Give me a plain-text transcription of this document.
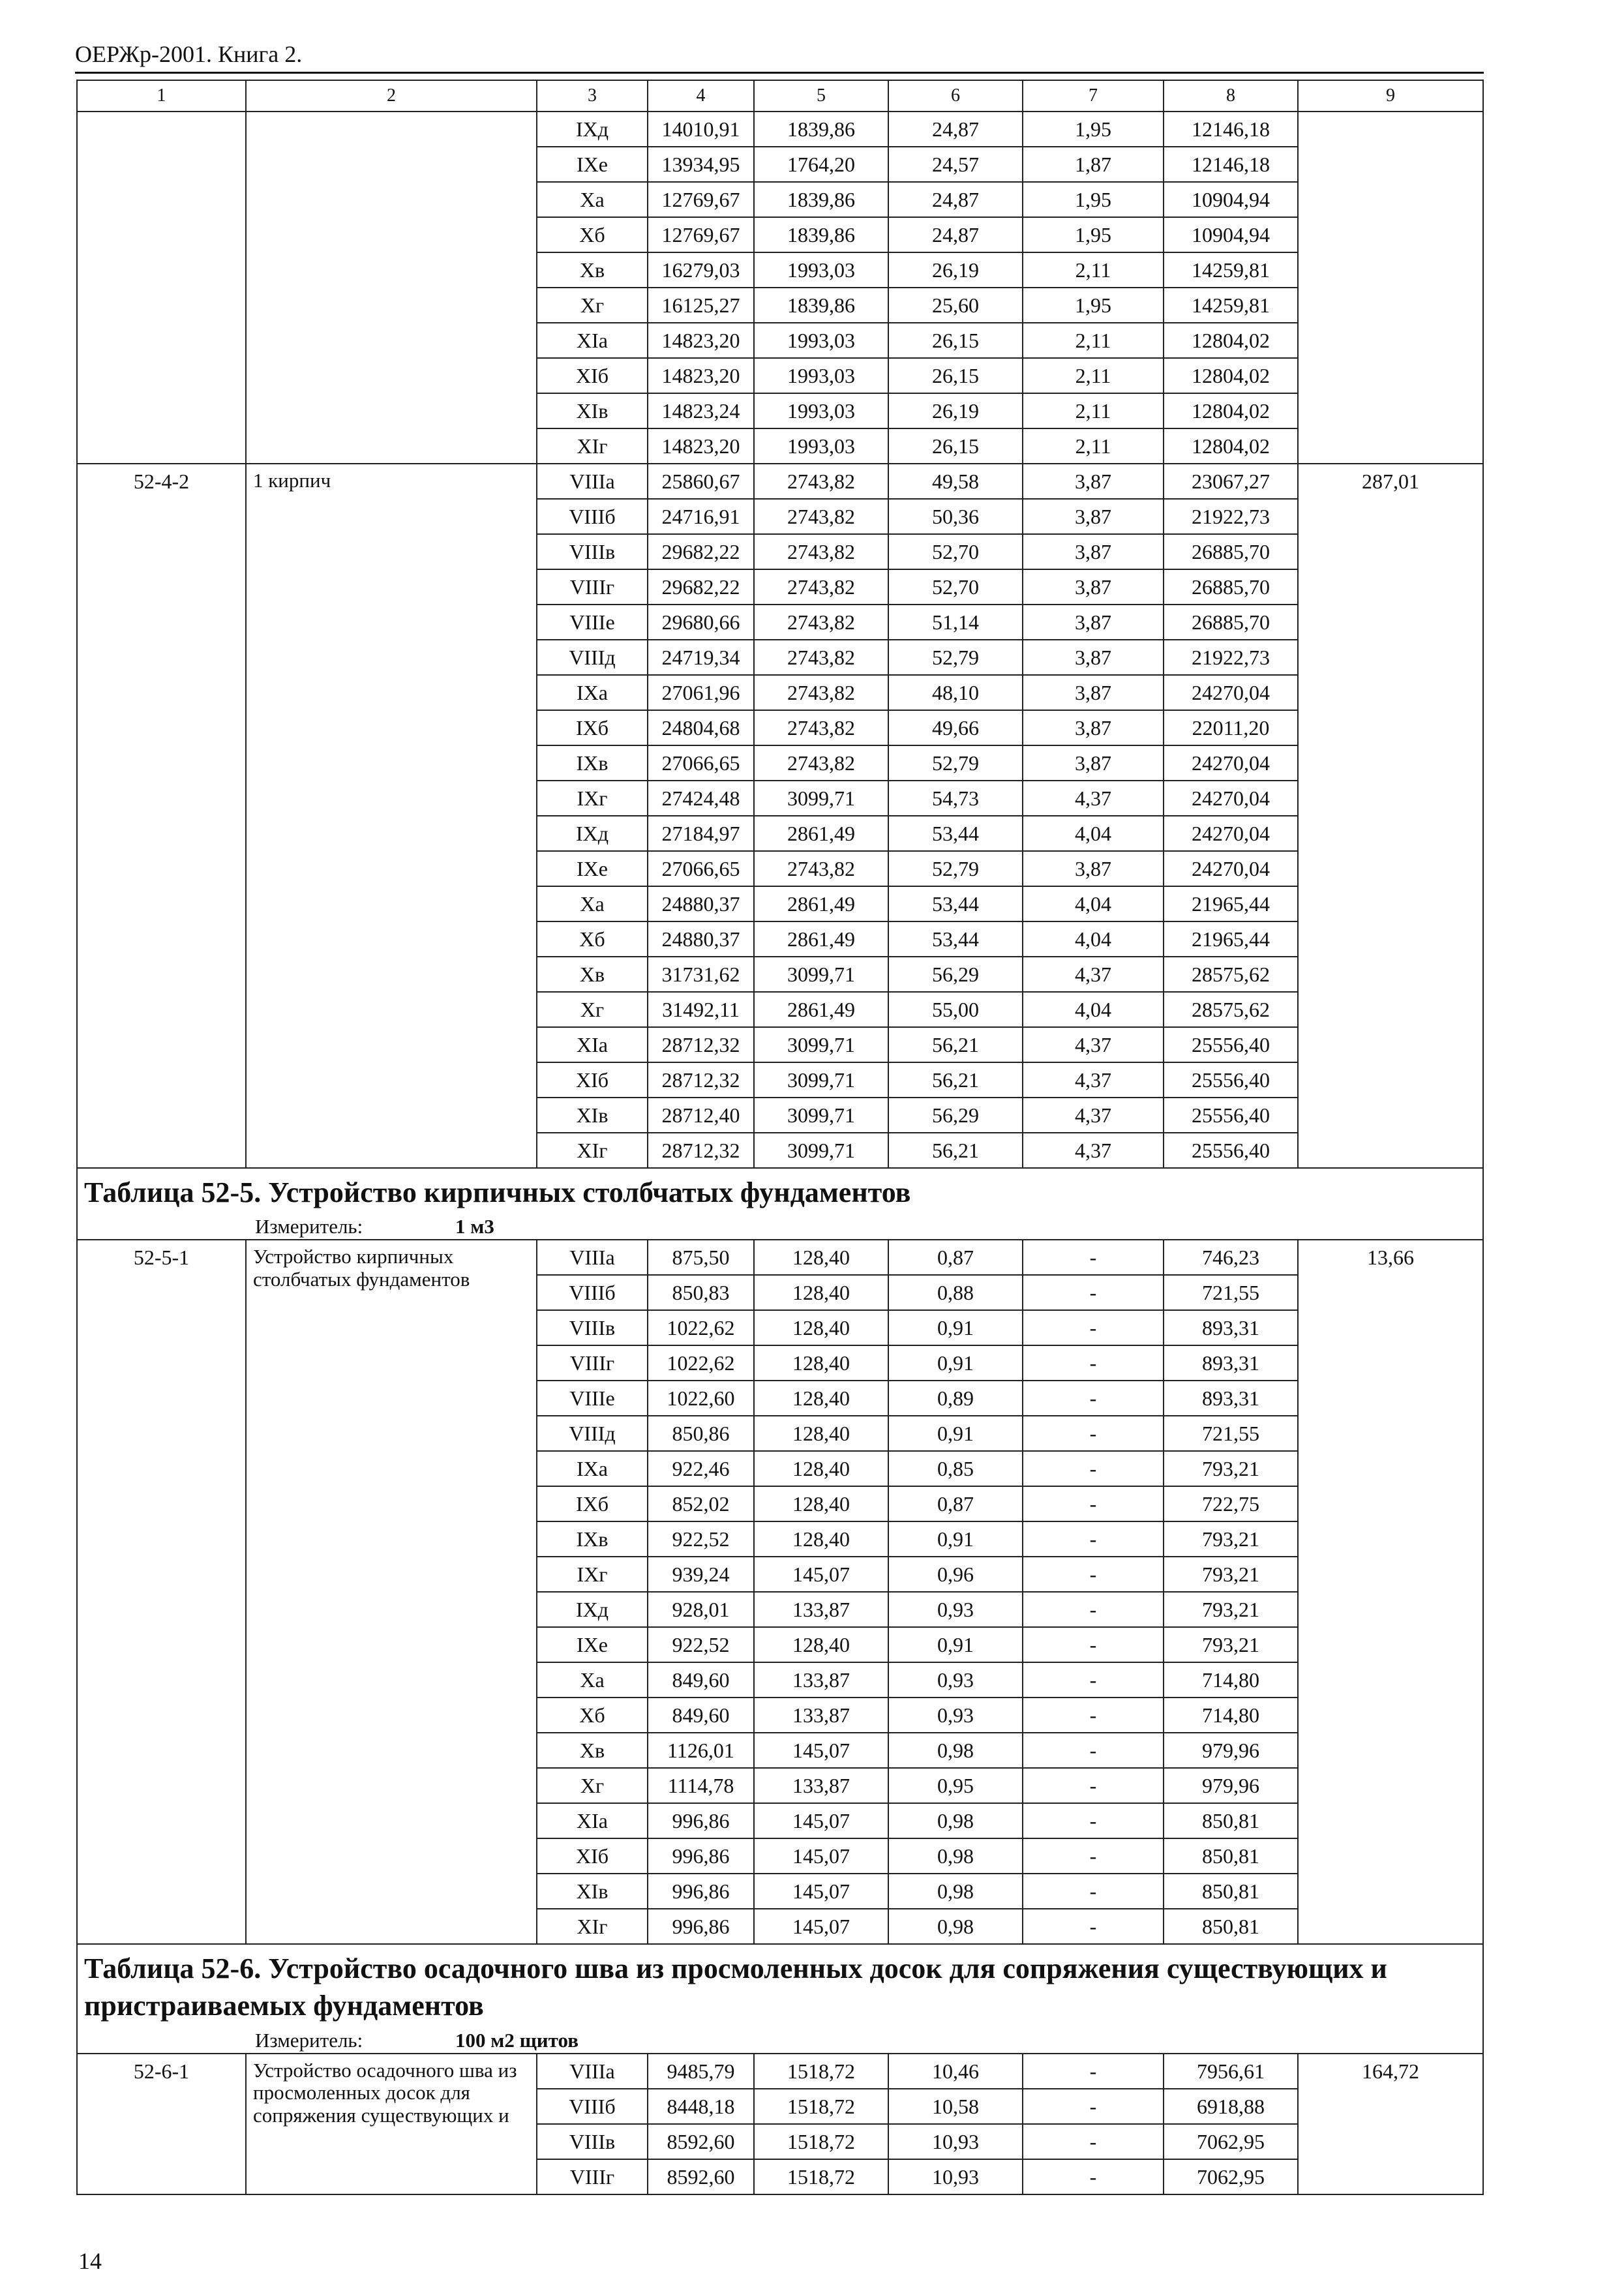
ОЕРЖр-2001. Книга 2.
1	2	3	4	5	6	7	8	9
		IXд	14010,91	1839,86	24,87	1,95	12146,18	
		IXe	13934,95	1764,20	24,57	1,87	12146,18	
		Xa	12769,67	1839,86	24,87	1,95	10904,94	
		Xб	12769,67	1839,86	24,87	1,95	10904,94	
		Xв	16279,03	1993,03	26,19	2,11	14259,81	
		Xг	16125,27	1839,86	25,60	1,95	14259,81	
		XIa	14823,20	1993,03	26,15	2,11	12804,02	
		XIб	14823,20	1993,03	26,15	2,11	12804,02	
		XIв	14823,24	1993,03	26,19	2,11	12804,02	
		XIг	14823,20	1993,03	26,15	2,11	12804,02	
52-4-2	1 кирпич	VIIIa	25860,67	2743,82	49,58	3,87	23067,27	287,01
		VIIIб	24716,91	2743,82	50,36	3,87	21922,73	
		VIIIв	29682,22	2743,82	52,70	3,87	26885,70	
		VIIIг	29682,22	2743,82	52,70	3,87	26885,70	
		VIIIe	29680,66	2743,82	51,14	3,87	26885,70	
		VIIIд	24719,34	2743,82	52,79	3,87	21922,73	
		IXa	27061,96	2743,82	48,10	3,87	24270,04	
		IXб	24804,68	2743,82	49,66	3,87	22011,20	
		IXв	27066,65	2743,82	52,79	3,87	24270,04	
		IXг	27424,48	3099,71	54,73	4,37	24270,04	
		IXд	27184,97	2861,49	53,44	4,04	24270,04	
		IXe	27066,65	2743,82	52,79	3,87	24270,04	
		Xa	24880,37	2861,49	53,44	4,04	21965,44	
		Xб	24880,37	2861,49	53,44	4,04	21965,44	
		Xв	31731,62	3099,71	56,29	4,37	28575,62	
		Xг	31492,11	2861,49	55,00	4,04	28575,62	
		XIa	28712,32	3099,71	56,21	4,37	25556,40	
		XIб	28712,32	3099,71	56,21	4,37	25556,40	
		XIв	28712,40	3099,71	56,29	4,37	25556,40	
		XIг	28712,32	3099,71	56,21	4,37	25556,40	

Таблица 52-5. Устройство кирпичных столбчатых фундаментов
Измеритель: 1 м3								

52-5-1	Устройство кирпичных столбчатых фундаментов	VIIIa	875,50	128,40	0,87	-	746,23	13,66
		VIIIб	850,83	128,40	0,88	-	721,55	
		VIIIв	1022,62	128,40	0,91	-	893,31	
		VIIIг	1022,62	128,40	0,91	-	893,31	
		VIIIe	1022,60	128,40	0,89	-	893,31	
		VIIIд	850,86	128,40	0,91	-	721,55	
		IXa	922,46	128,40	0,85	-	793,21	
		IXб	852,02	128,40	0,87	-	722,75	
		IXв	922,52	128,40	0,91	-	793,21	
		IXг	939,24	145,07	0,96	-	793,21	
		IXд	928,01	133,87	0,93	-	793,21	
		IXe	922,52	128,40	0,91	-	793,21	
		Xa	849,60	133,87	0,93	-	714,80	
		Xб	849,60	133,87	0,93	-	714,80	
		Xв	1126,01	145,07	0,98	-	979,96	
		Xг	1114,78	133,87	0,95	-	979,96	
		XIa	996,86	145,07	0,98	-	850,81	
		XIб	996,86	145,07	0,98	-	850,81	
		XIв	996,86	145,07	0,98	-	850,81	
		XIг	996,86	145,07	0,98	-	850,81	

Таблица 52-6. Устройство осадочного шва из просмоленных досок для сопряжения существующих и пристраиваемых фундаментов
Измеритель: 100 м2 щитов								

52-6-1	Устройство осадочного шва из просмоленных досок для сопряжения существующих и	VIIIa	9485,79	1518,72	10,46	-	7956,61	164,72
		VIIIб	8448,18	1518,72	10,58	-	6918,88	
		VIIIв	8592,60	1518,72	10,93	-	7062,95	
		VIIIг	8592,60	1518,72	10,93	-	7062,95	
14
